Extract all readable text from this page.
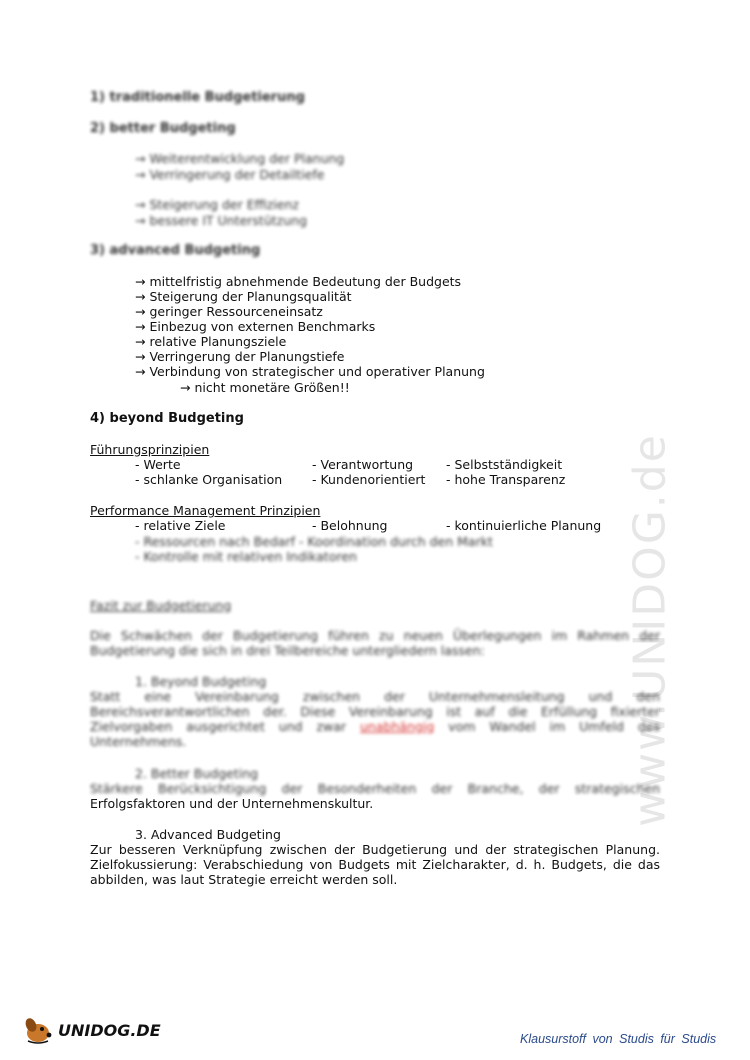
www.UNIDOG.de
1) traditionelle Budgetierung
2) better Budgeting
→ Weiterentwicklung der Planung
→ Verringerung der Detailtiefe
→ Steigerung der Effizienz
→ bessere IT Unterstützung
3) advanced Budgeting
→ mittelfristig abnehmende Bedeutung der Budgets
→ Steigerung der Planungsqualität
→ geringer Ressourceneinsatz
→ Einbezug von externen Benchmarks
→ relative Planungsziele
→ Verringerung der Planungstiefe
→ Verbindung von strategischer und operativer Planung
→ nicht monetäre Größen!!
4) beyond Budgeting
Führungsprinzipien
- Werte	- Verantwortung	- Selbstständigkeit
- schlanke Organisation - Kundenorientiert - hohe Transparenz
Performance Management Prinzipien
- relative Ziele	- Belohnung	- kontinuierliche Planung
- Ressourcen nach Bedarf - Koordination durch den Markt
- Kontrolle mit relativen Indikatoren
Fazit zur Budgetierung
Die Schwächen der Budgetierung führen zu neuen Überlegungen im Rahmen der Budgetierung die sich in drei Teilbereiche untergliedern lassen:
1. Beyond Budgeting
Statt eine Vereinbarung zwischen der Unternehmensleitung und den Bereichsverantwortlichen der. Diese Vereinbarung ist auf die Erfüllung fixierter Zielvorgaben ausgerichtet und zwar unabhängig vom Wandel im Umfeld des Unternehmens.
2. Better Budgeting
Stärkere Berücksichtigung der Besonderheiten der Branche, der strategischen
Erfolgsfaktoren und der Unternehmenskultur.
3. Advanced Budgeting
Zur besseren Verknüpfung zwischen der Budgetierung und der strategischen Planung. Zielfokussierung: Verabschiedung von Budgets mit Zielcharakter, d. h. Budgets, die das abbilden, was laut Strategie erreicht werden soll.
UNIDOG.DE	Klausurstoff von Studis für Studis
